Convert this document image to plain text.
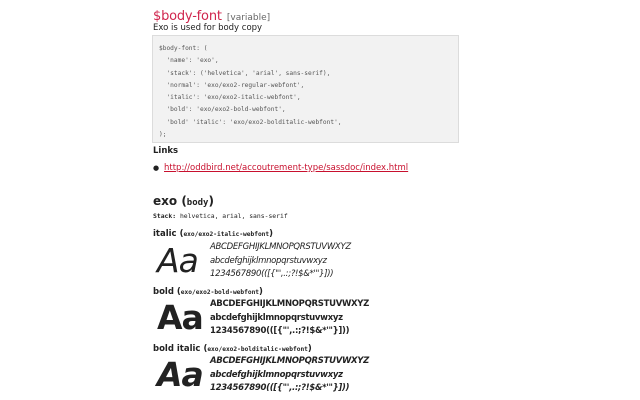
$body-font [variable]
Exo is used for body copy
$body-font: (
'name': 'exo',
'stack': ('helvetica', 'arial', sans-serif),
'normal': 'exo/exo2-regular-webfont',
'italic': 'exo/exo2-italic-webfont',
'bold': 'exo/exo2-bold-webfont',
'bold' 'italic': 'exo/exo2-bolditalic-webfont',
);
Links
● http://oddbird.net/accoutrement-type/sassdoc/index.html
exo (body)
Stack: helvetica, arial, sans-serif
italic (exo/exo2-italic-webfont)
Aa ABCDEFGHIJKLMNOPQRSTUVWXYZ
abcdefghijklmnopqrstuvwxyz
1234567890(([{"',.:;?!$&*'"}]))
bold (exo/exo2-bold-webfont)
Aa ABCDEFGHIJKLMNOPQRSTUVWXYZ
abcdefghijklmnopqrstuvwxyz
1234567890(([{"',.:;?!$&*'"}]))
bold italic (exo/exo2-bolditalic-webfont)
Aa ABCDEFGHIJKLMNOPQRSTUVWXYZ
abcdefghijklmnopqrstuvwxyz
1234567890(([{"',.:;?!$&*'"}]))
